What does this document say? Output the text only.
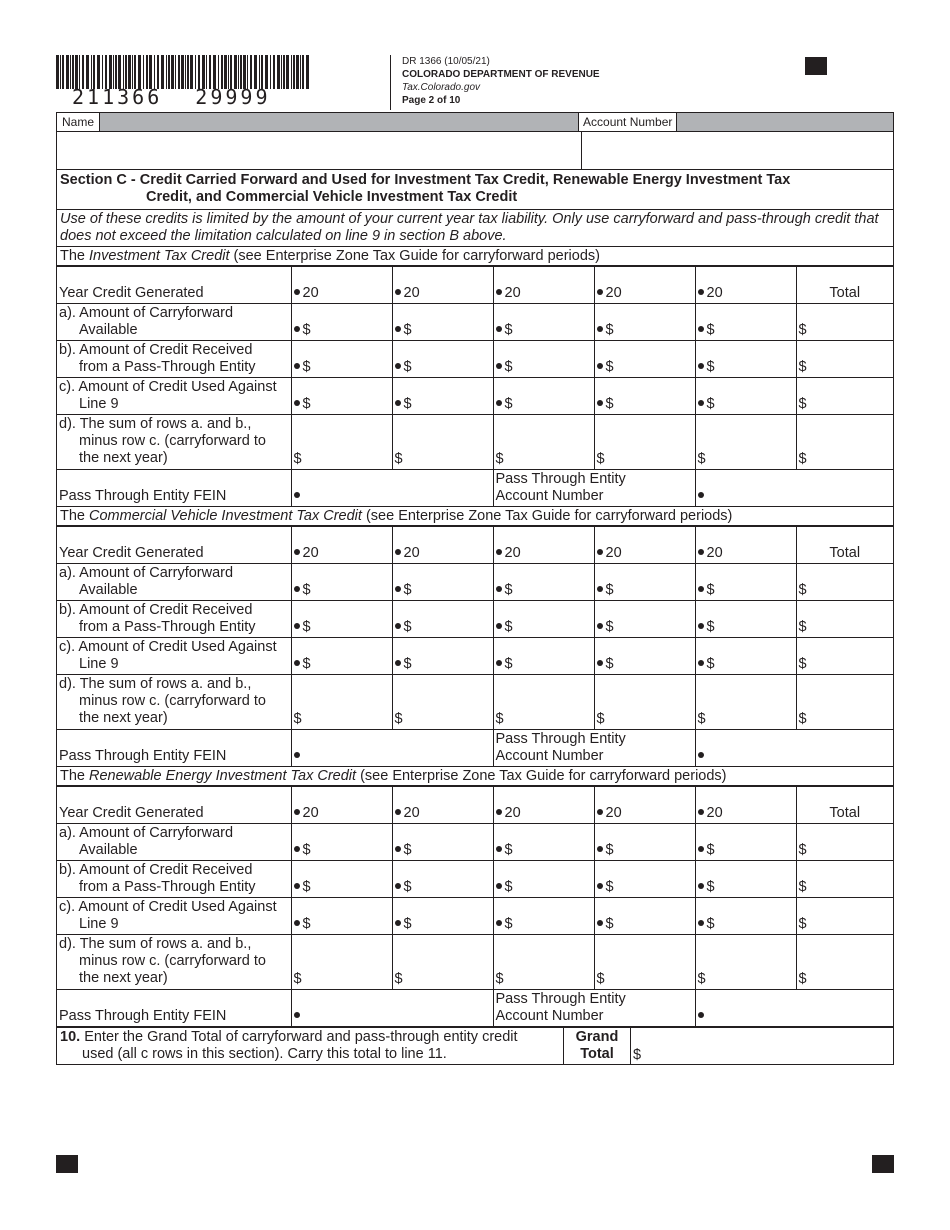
211366 29999
DR 1366 (10/05/21)
COLORADO DEPARTMENT OF REVENUE
Tax.Colorado.gov
Page 2 of 10
Name	Account Number
Section C - Credit Carried Forward and Used for Investment Tax Credit, Renewable Energy Investment Tax
Credit, and Commercial Vehicle Investment Tax Credit
Use of these credits is limited by the amount of your current year tax liability. Only use carryforward and pass-through credit that does not exceed the limitation calculated on line 9 in section B above.
The Investment Tax Credit (see Enterprise Zone Tax Guide for carryforward periods)
Year Credit Generated	20	20	20	20	20	Total
a). Amount of Carryforward
Available	$	$	$	$	$	$
b). Amount of Credit Received
from a Pass-Through Entity	$	$	$	$	$	$
c). Amount of Credit Used Against
Line 9	$	$	$	$	$	$
d). The sum of rows a. and b.,
minus row c. (carryforward to
the next year)	$	$	$	$	$	$
Pass Through Entity FEIN			Pass Through Entity
Account Number			
The Commercial Vehicle Investment Tax Credit (see Enterprise Zone Tax Guide for carryforward periods)
Year Credit Generated	20	20	20	20	20	Total
a). Amount of Carryforward
Available	$	$	$	$	$	$
b). Amount of Credit Received
from a Pass-Through Entity	$	$	$	$	$	$
c). Amount of Credit Used Against
Line 9	$	$	$	$	$	$
d). The sum of rows a. and b.,
minus row c. (carryforward to
the next year)	$	$	$	$	$	$
Pass Through Entity FEIN			Pass Through Entity
Account Number			
The Renewable Energy Investment Tax Credit (see Enterprise Zone Tax Guide for carryforward periods)
Year Credit Generated	20	20	20	20	20	Total
a). Amount of Carryforward
Available	$	$	$	$	$	$
b). Amount of Credit Received
from a Pass-Through Entity	$	$	$	$	$	$
c). Amount of Credit Used Against
Line 9	$	$	$	$	$	$
d). The sum of rows a. and b.,
minus row c. (carryforward to
the next year)	$	$	$	$	$	$
Pass Through Entity FEIN			Pass Through Entity
Account Number			
10. Enter the Grand Total of carryforward and pass-through entity credit
used (all c rows in this section). Carry this total to line 11.
Grand
Total	$
